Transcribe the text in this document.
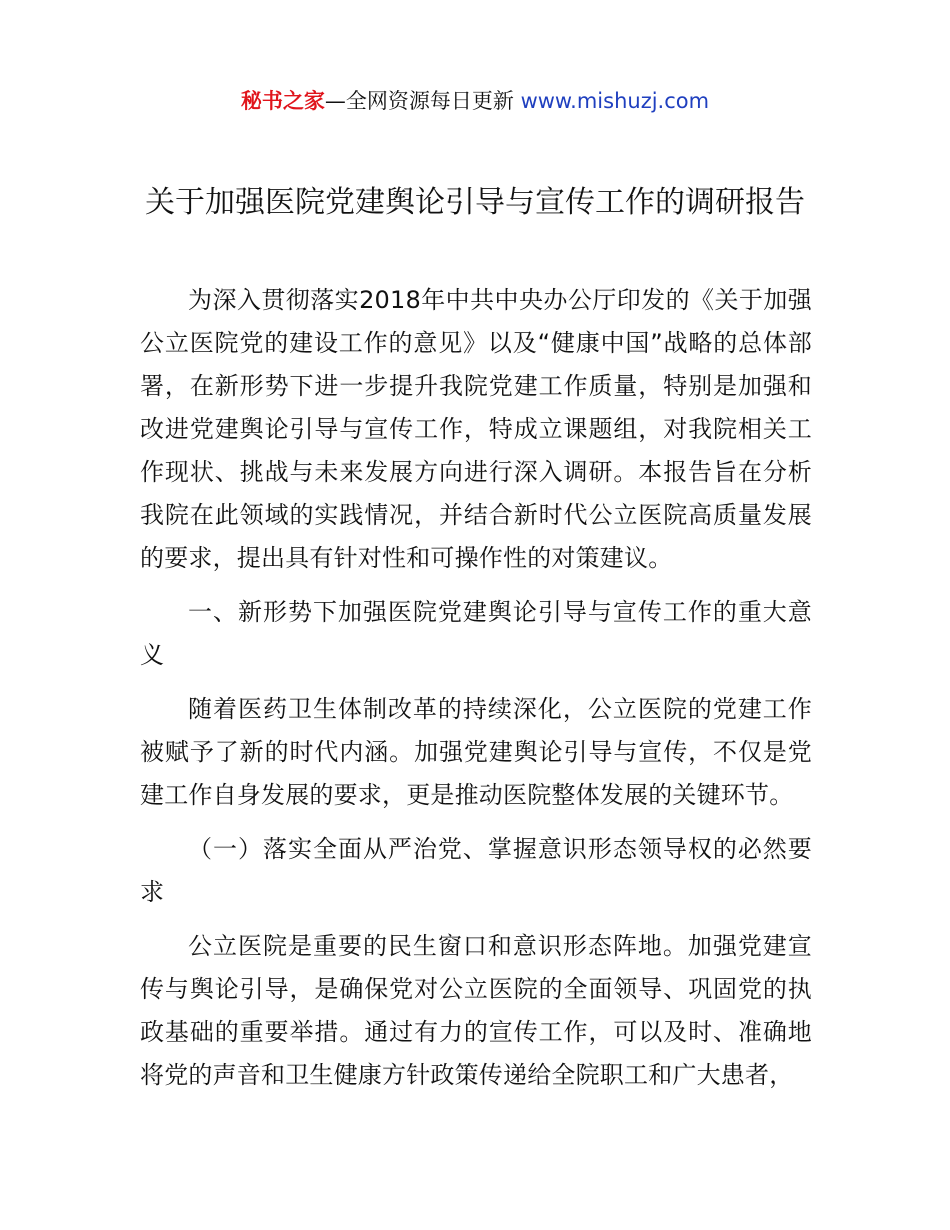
秘书之家—全网资源每日更新 www.mishuzj.com
关于加强医院党建舆论引导与宣传工作的调研报告

为深入贯彻落实2018年中共中央办公厅印发的《关于加强公立医院党的建设工作的意见》以及“健康中国”战略的总体部署，在新形势下进一步提升我院党建工作质量，特别是加强和改进党建舆论引导与宣传工作，特成立课题组，对我院相关工作现状、挑战与未来发展方向进行深入调研。本报告旨在分析我院在此领域的实践情况，并结合新时代公立医院高质量发展的要求，提出具有针对性和可操作性的对策建议。

一、新形势下加强医院党建舆论引导与宣传工作的重大意义

随着医药卫生体制改革的持续深化，公立医院的党建工作被赋予了新的时代内涵。加强党建舆论引导与宣传，不仅是党建工作自身发展的要求，更是推动医院整体发展的关键环节。

（一）落实全面从严治党、掌握意识形态领导权的必然要求

公立医院是重要的民生窗口和意识形态阵地。加强党建宣传与舆论引导，是确保党对公立医院的全面领导、巩固党的执政基础的重要举措。通过有力的宣传工作，可以及时、准确地将党的声音和卫生健康方针政策传递给全院职工和广大患者，
